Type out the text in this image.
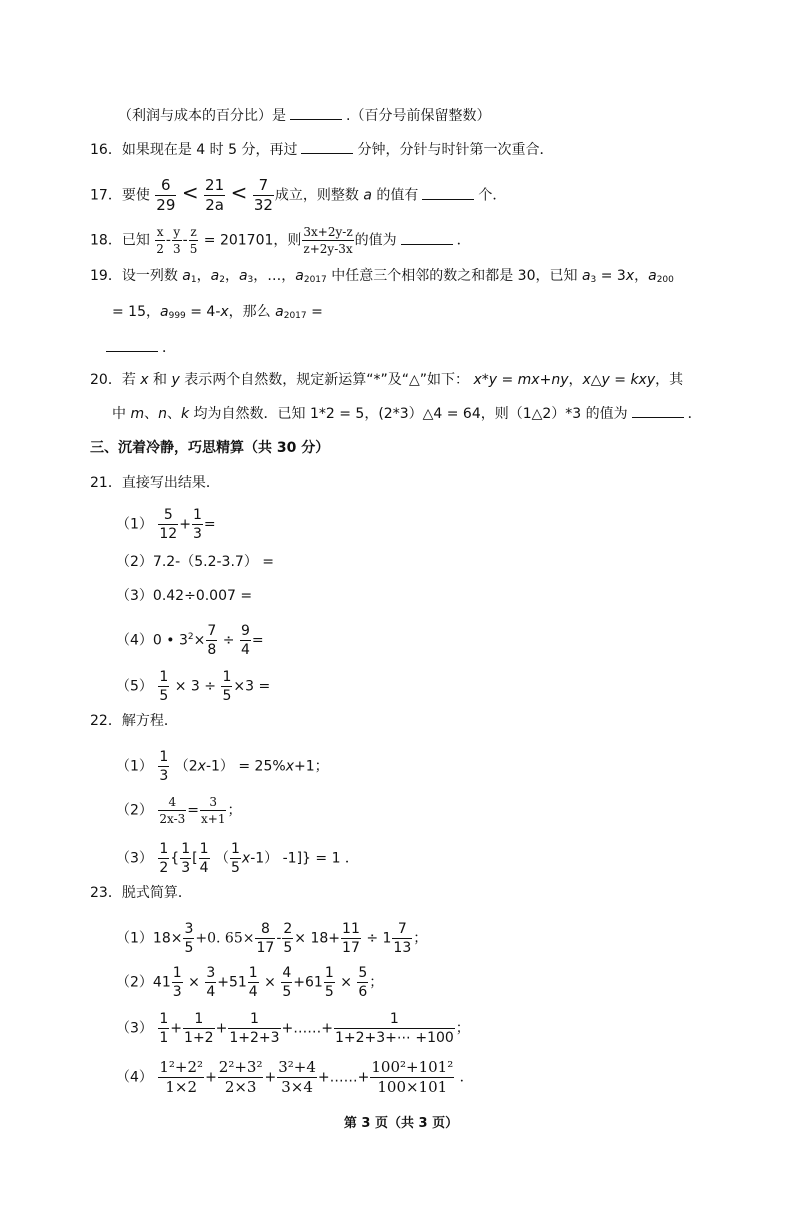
（利润与成本的百分比）是	.（百分号前保留整数）
16．如果现在是 4 时 5 分，再过	分钟，分针与时针第一次重合．
17．要使 $\frac{6}{29} < \frac{21}{2a} < \frac{7}{32}$ 成立，则整数 a 的值有	个．
18．已知 $\frac{x}{2} - \frac{y}{3} - \frac{z}{5} = 201701$，则 $\frac{3x+2y-z}{z+2y-3x}$ 的值为	．
19．设一列数 $a_1$，$a_2$，$a_3$，…，$a_{2017}$ 中任意三个相邻的数之和都是 30，已知 $a_3 = 3x$，$a_{200}$
= 15，$a_{999} = 4-x$，那么 $a_{2017}$ =
．
20．若 x 和 y 表示两个自然数，规定新运算“*”及“△”如下： x*y = mx+ny，x△y = kxy，其
中 m、n、k 均为自然数．已知 1*2 = 5，(2*3）△4 = 64，则（1△2）*3 的值为	．
三、沉着冷静，巧思精算（共 30 分）
21．直接写出结果．
$(1) \frac{5}{12} + \frac{1}{3}$ =
（2）7.2-（5.2-3.7） =
（3）0.42÷0.007 =
（4）0 • $3^2\times \frac{7}{8} \div \frac{9}{4}$ =
$(5) \frac{1}{5} \times 3 \div \frac{1}{5} \times 3$ =
22．解方程．
$(1) \frac{1}{3} (2x-1) = 25\%x+1$；
$(2) \frac{4}{2x-3} = \frac{3}{x+1}$ ；
$(3) \frac{1}{2}$ { $\frac{1}{3}$ [ $\frac{1}{4}$ （ $\frac{1}{5} x-1$） -1]} = 1 ．
23．脱式简算．
$(1)18\times \frac{3}{5} +0$. $65\times \frac{8}{17} - \frac{2}{5} \times 18+ \frac{11}{17} \div 1 \frac{7}{13}$ ；
$(2)41 \frac{1}{3} \times \frac{3}{4} +51 \frac{1}{4} \times \frac{4}{5} +61 \frac{1}{5} \times \frac{5}{6}$ ；
$(3) \frac{1}{1} + \frac{1}{1+2} + \frac{1}{1+2+3}$ +……+ $\frac{1}{1+2+3+\cdots +100}$ ；
$(4) \frac{\text{1²+2²}}{1\times 2} + \frac{\text{2²+3²}}{2\times 3} + \frac{\text{3²+4}}{3\times 4}$ +……+ $\frac{\text{100²+101²}}{100\times 101}$ ．
第 3 页（共 3 页）
